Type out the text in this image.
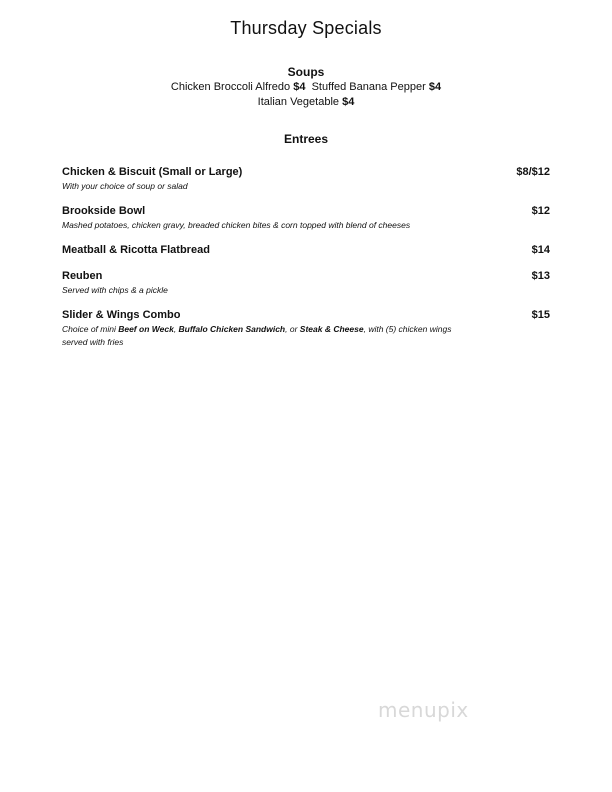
Thursday Specials
Soups
Chicken Broccoli Alfredo $4 Stuffed Banana Pepper $4
Italian Vegetable $4
Entrees
Chicken & Biscuit (Small or Large)	$8/$12
With your choice of soup or salad
Brookside Bowl	$12
Mashed potatoes, chicken gravy, breaded chicken bites & corn topped with blend of cheeses
Meatball & Ricotta Flatbread	$14
Reuben	$13
Served with chips & a pickle
Slider & Wings Combo	$15
Choice of mini Beef on Weck, Buffalo Chicken Sandwich, or Steak & Cheese, with (5) chicken wings served with fries
menupix
